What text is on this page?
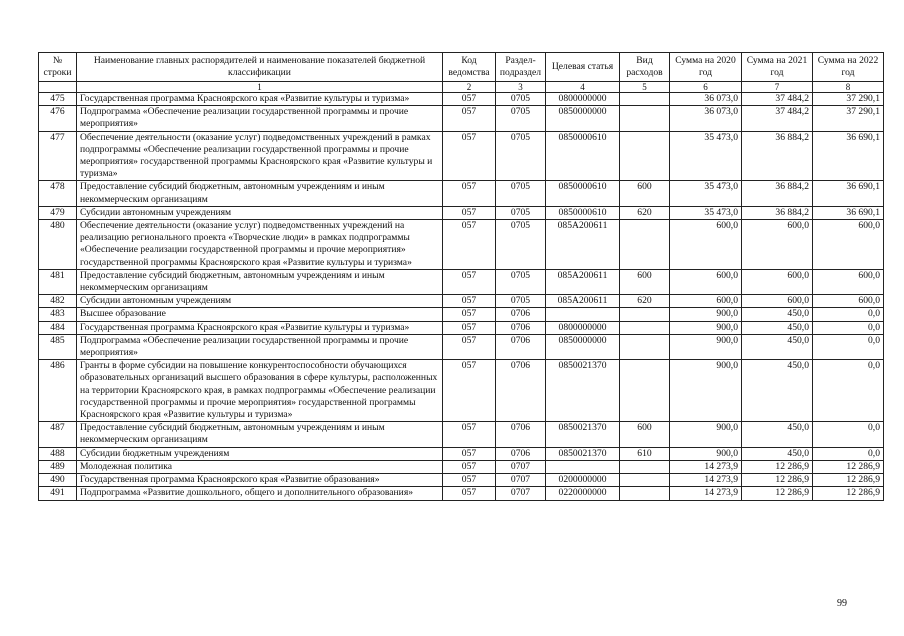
№ строки	Наименование главных распорядителей и наименование показателей бюджетной классификации	Код ведомства	Раздел-подраздел	Целевая статья	Вид расходов	Сумма на 2020 год	Сумма на 2021 год	Сумма на 2022 год
	1	2	3	4	5	6	7	8
475	Государственная программа Красноярского края «Развитие культуры и туризма»	057	0705	0800000000		36 073,0	37 484,2	37 290,1
476	Подпрограмма «Обеспечение реализации государственной программы и прочие мероприятия»	057	0705	0850000000		36 073,0	37 484,2	37 290,1
477	Обеспечение деятельности (оказание услуг) подведомственных учреждений в рамках подпрограммы «Обеспечение реализации государственной программы и прочие мероприятия» государственной программы Красноярского края «Развитие культуры и туризма»	057	0705	0850000610		35 473,0	36 884,2	36 690,1
478	Предоставление субсидий бюджетным, автономным учреждениям и иным некоммерческим организациям	057	0705	0850000610	600	35 473,0	36 884,2	36 690,1
479	Субсидии автономным учреждениям	057	0705	0850000610	620	35 473,0	36 884,2	36 690,1
480	Обеспечение деятельности (оказание услуг) подведомственных учреждений на реализацию регионального проекта «Творческие люди» в рамках подпрограммы «Обеспечение реализации государственной программы и прочие мероприятия» государственной программы Красноярского края «Развитие культуры и туризма»	057	0705	085A200611		600,0	600,0	600,0
481	Предоставление субсидий бюджетным, автономным учреждениям и иным некоммерческим организациям	057	0705	085A200611	600	600,0	600,0	600,0
482	Субсидии автономным учреждениям	057	0705	085A200611	620	600,0	600,0	600,0
483	Высшее образование	057	0706			900,0	450,0	0,0
484	Государственная программа Красноярского края «Развитие культуры и туризма»	057	0706	0800000000		900,0	450,0	0,0
485	Подпрограмма «Обеспечение реализации государственной программы и прочие мероприятия»	057	0706	0850000000		900,0	450,0	0,0
486	Гранты в форме субсидии на повышение конкурентоспособности обучающихся образовательных организаций высшего образования в сфере культуры, расположенных на территории Красноярского края, в рамках подпрограммы «Обеспечение реализации государственной программы и прочие мероприятия» государственной программы Красноярского края «Развитие культуры и туризма»	057	0706	0850021370		900,0	450,0	0,0
487	Предоставление субсидий бюджетным, автономным учреждениям и иным некоммерческим организациям	057	0706	0850021370	600	900,0	450,0	0,0
488	Субсидии бюджетным учреждениям	057	0706	0850021370	610	900,0	450,0	0,0
489	Молодежная политика	057	0707			14 273,9	12 286,9	12 286,9
490	Государственная программа Красноярского края «Развитие образования»	057	0707	0200000000		14 273,9	12 286,9	12 286,9
491	Подпрограмма «Развитие дошкольного, общего и дополнительного образования»	057	0707	0220000000		14 273,9	12 286,9	12 286,9
99
